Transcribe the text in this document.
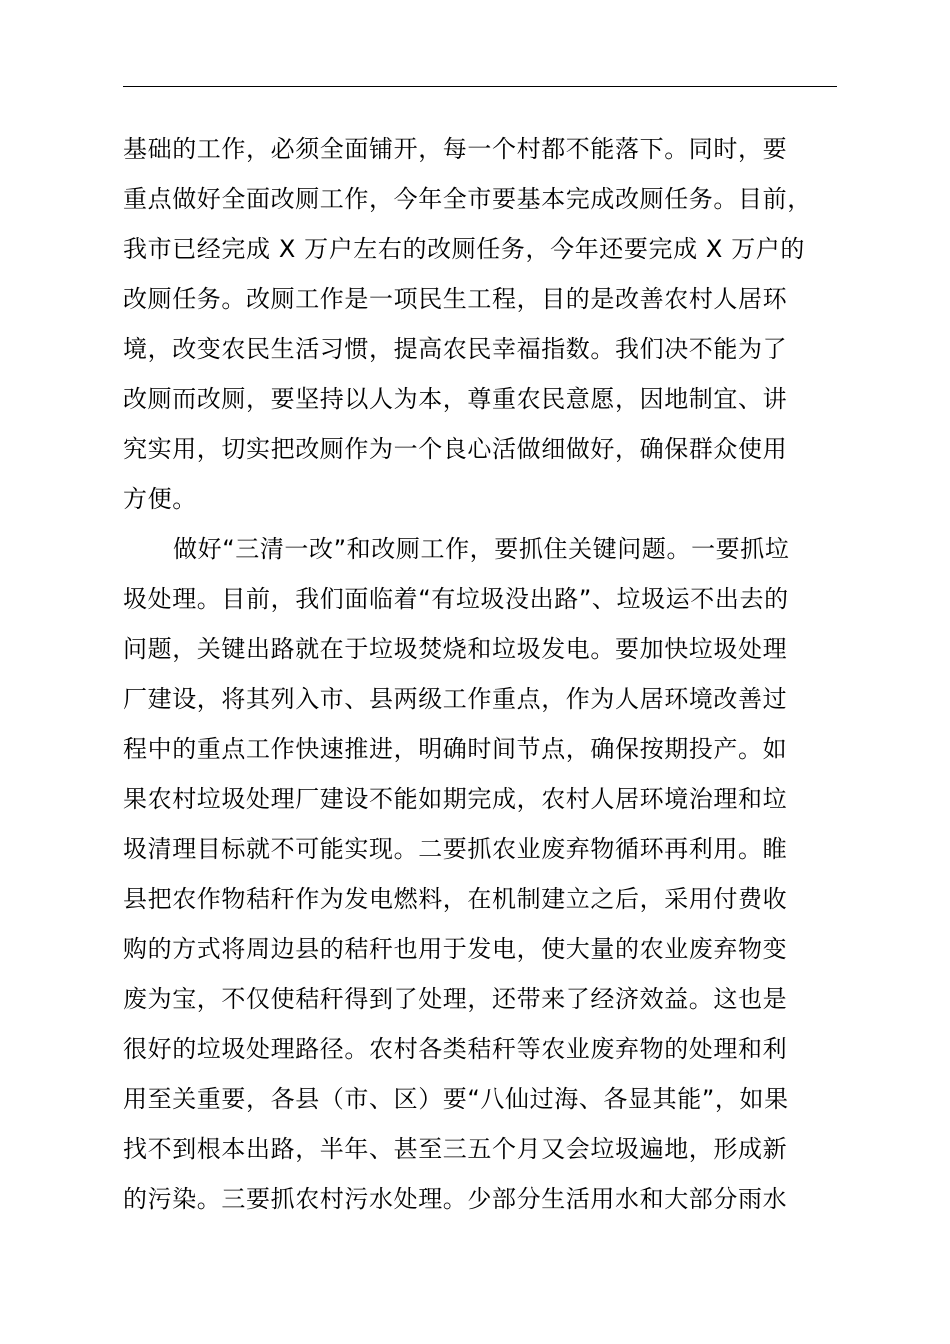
基础的工作，必须全面铺开，每一个村都不能落下。同时，要
重点做好全面改厕工作，今年全市要基本完成改厕任务。目前，
我市已经完成 X 万户左右的改厕任务，今年还要完成 X 万户的
改厕任务。改厕工作是一项民生工程，目的是改善农村人居环
境，改变农民生活习惯，提高农民幸福指数。我们决不能为了
改厕而改厕，要坚持以人为本，尊重农民意愿，因地制宜、讲
究实用，切实把改厕作为一个良心活做细做好，确保群众使用
方便。
做好“三清一改”和改厕工作，要抓住关键问题。一要抓垃
圾处理。目前，我们面临着“有垃圾没出路”、垃圾运不出去的
问题，关键出路就在于垃圾焚烧和垃圾发电。要加快垃圾处理
厂建设，将其列入市、县两级工作重点，作为人居环境改善过
程中的重点工作快速推进，明确时间节点，确保按期投产。如
果农村垃圾处理厂建设不能如期完成，农村人居环境治理和垃
圾清理目标就不可能实现。二要抓农业废弃物循环再利用。睢
县把农作物秸秆作为发电燃料，在机制建立之后，采用付费收
购的方式将周边县的秸秆也用于发电，使大量的农业废弃物变
废为宝，不仅使秸秆得到了处理，还带来了经济效益。这也是
很好的垃圾处理路径。农村各类秸秆等农业废弃物的处理和利
用至关重要，各县（市、区）要“八仙过海、各显其能”，如果
找不到根本出路，半年、甚至三五个月又会垃圾遍地，形成新
的污染。三要抓农村污水处理。少部分生活用水和大部分雨水
